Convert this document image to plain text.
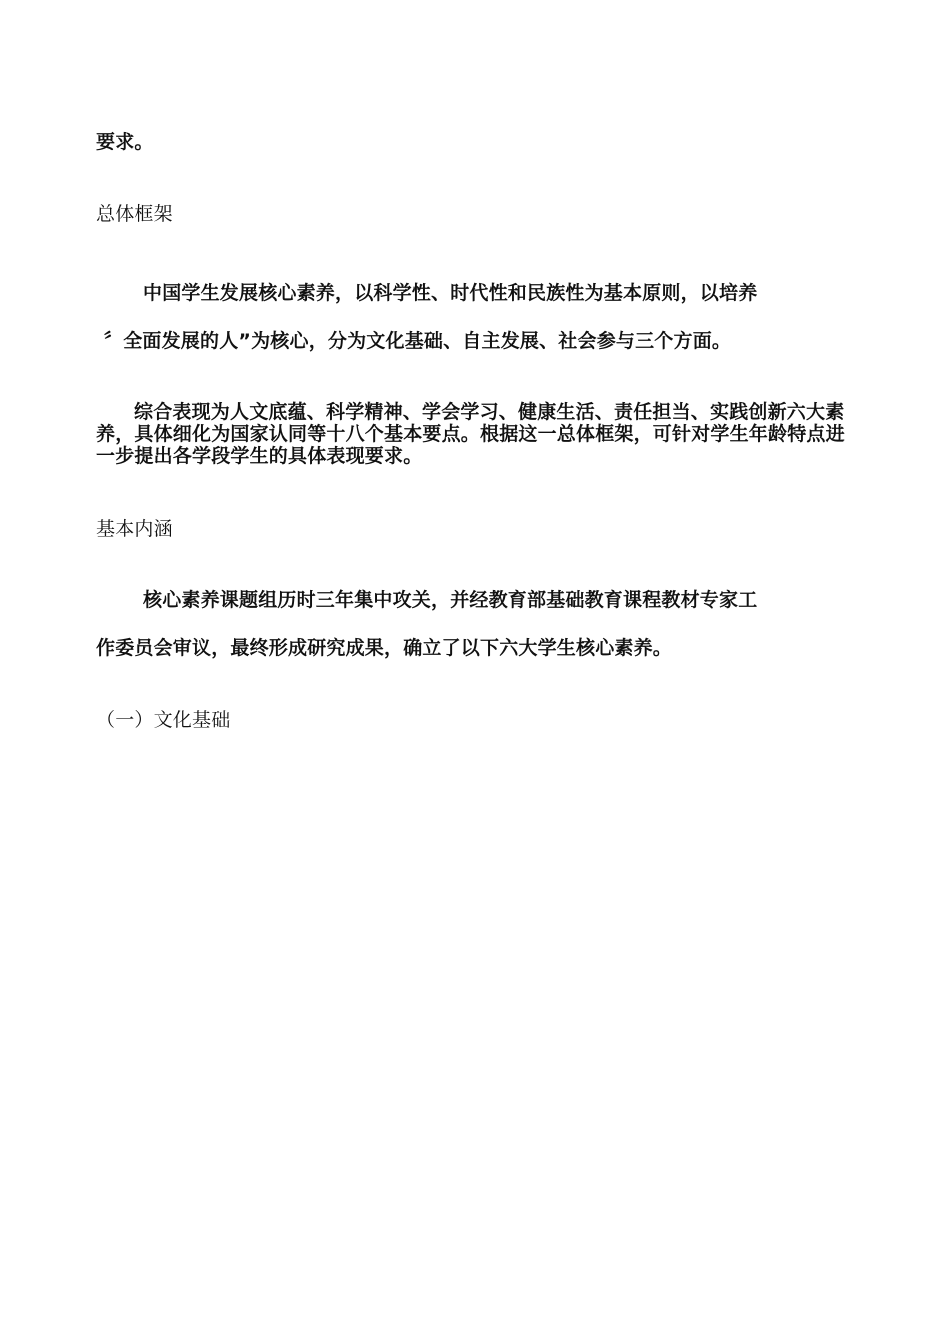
要求。
总体框架
中国学生发展核心素养，以科学性、时代性和民族性为基本原则，以培养
〞全面发展的人”为核心，分为文化基础、自主发展、社会参与三个方面。
综合表现为人文底蕴、科学精神、学会学习、健康生活、责任担当、实践创新六大素养，具体细化为国家认同等十八个基本要点。根据这一总体框架，可针对学生年龄特点进一步提出各学段学生的具体表现要求。
基本内涵
核心素养课题组历时三年集中攻关，并经教育部基础教育课程教材专家工
作委员会审议，最终形成研究成果，确立了以下六大学生核心素养。
（一）文化基础
